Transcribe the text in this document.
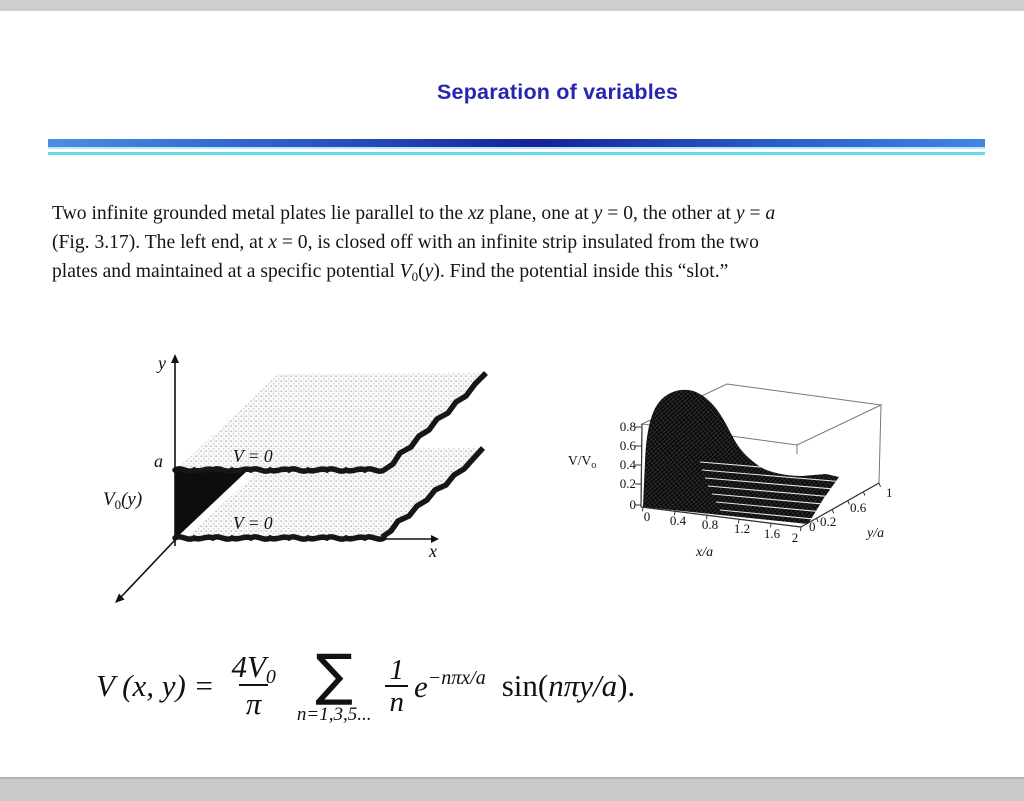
Separation of variables
Two infinite grounded metal plates lie parallel to the xz plane, one at y = 0, the other at y = a
(Fig. 3.17). The left end, at x = 0, is closed off with an infinite strip insulated from the two
plates and maintained at a specific potential $V_0(y)$. Find the potential inside this “slot.”
y
a
$V_0(y)$
V = 0
V = 0
x
0.8
0.6
0.4
0.2
0
0 0.4 0.8 1.2 1.6 2
0 0.2
0.6
1
$V/V_o$
x/a
y/a
V (x, $y) = \frac{4V0}{\pi}$ ∑
n=1,3,5... $\frac{1}{n} e^{-n\pi x/a}$ sin(nπy/a).
